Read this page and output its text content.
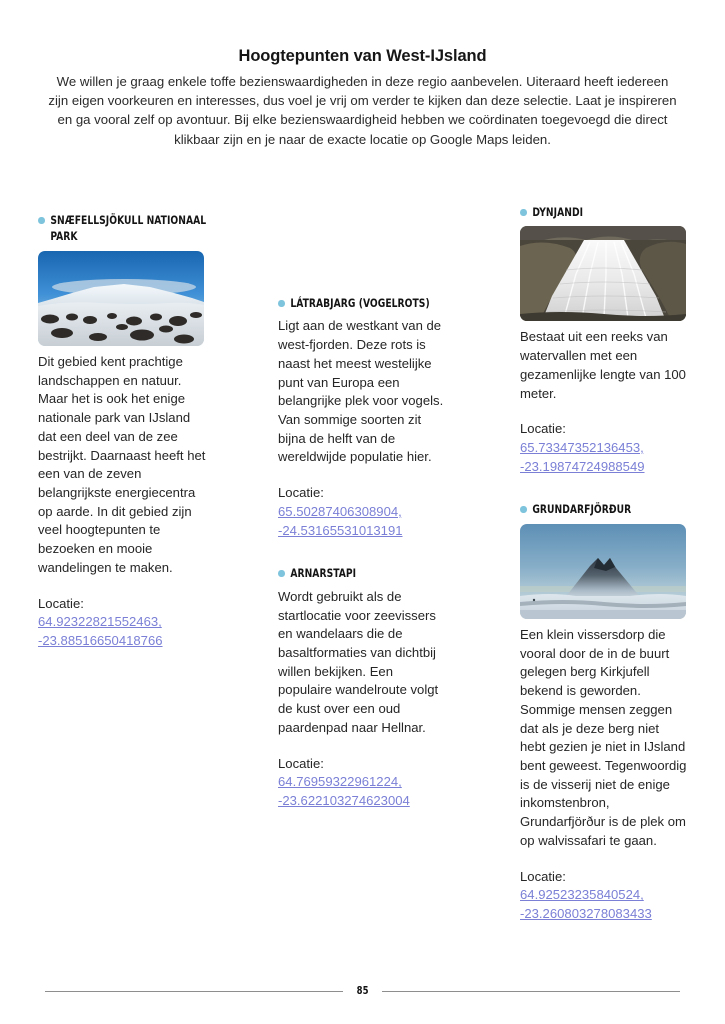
Hoogtepunten van West-IJsland

We willen je graag enkele toffe bezienswaardigheden in deze regio aanbevelen. Uiteraard heeft iedereen zijn eigen voorkeuren en interesses, dus voel je vrij om verder te kijken dan deze selectie. Laat je inspireren en ga vooral zelf op avontuur. Bij elke bezienswaardigheid hebben we coördinaten toegevoegd die direct klikbaar zijn en je naar de exacte locatie op Google Maps leiden.

SNÆFELLSJÖKULL NATIONAAL PARK

Dit gebied kent prachtige landschappen en natuur. Maar het is ook het enige nationale park van IJsland dat een deel van de zee bestrijkt. Daarnaast heeft het een van de zeven belangrijkste energiecentra op aarde. In dit gebied zijn veel hoogtepunten te bezoeken en mooie wandelingen te maken.

Locatie:
64.92322821552463, -23.88516650418766
LÁTRABJARG (VOGELROTS)

Ligt aan de westkant van de west-fjorden. Deze rots is naast het meest westelijke punt van Europa een belangrijke plek voor vogels. Van sommige soorten zit bijna de helft van de wereldwijde populatie hier.

Locatie:
65.50287406308904, -24.53165531013191
ARNARSTAPI

Wordt gebruikt als de startlocatie voor zeevissers en wandelaars die de basaltformaties van dichtbij willen bekijken. Een populaire wandelroute volgt de kust over een oud paardenpad naar Hellnar.

Locatie:
64.76959322961224, -23.622103274623004
DYNJANDI

Bestaat uit een reeks van watervallen met een gezamenlijke lengte van 100 meter.

Locatie:
65.73347352136453, -23.19874724988549
GRUNDARFJÖRÐUR

Een klein vissersdorp die vooral door de in de buurt gelegen berg Kirkjufell bekend is geworden. Sommige mensen zeggen dat als je deze berg niet hebt gezien je niet in IJsland bent geweest. Tegenwoordig is de visserij niet de enige inkomstenbron, Grundarfjörður is de plek om op walvissafari te gaan.

Locatie:
64.92523235840524, -23.260803278083433
85
